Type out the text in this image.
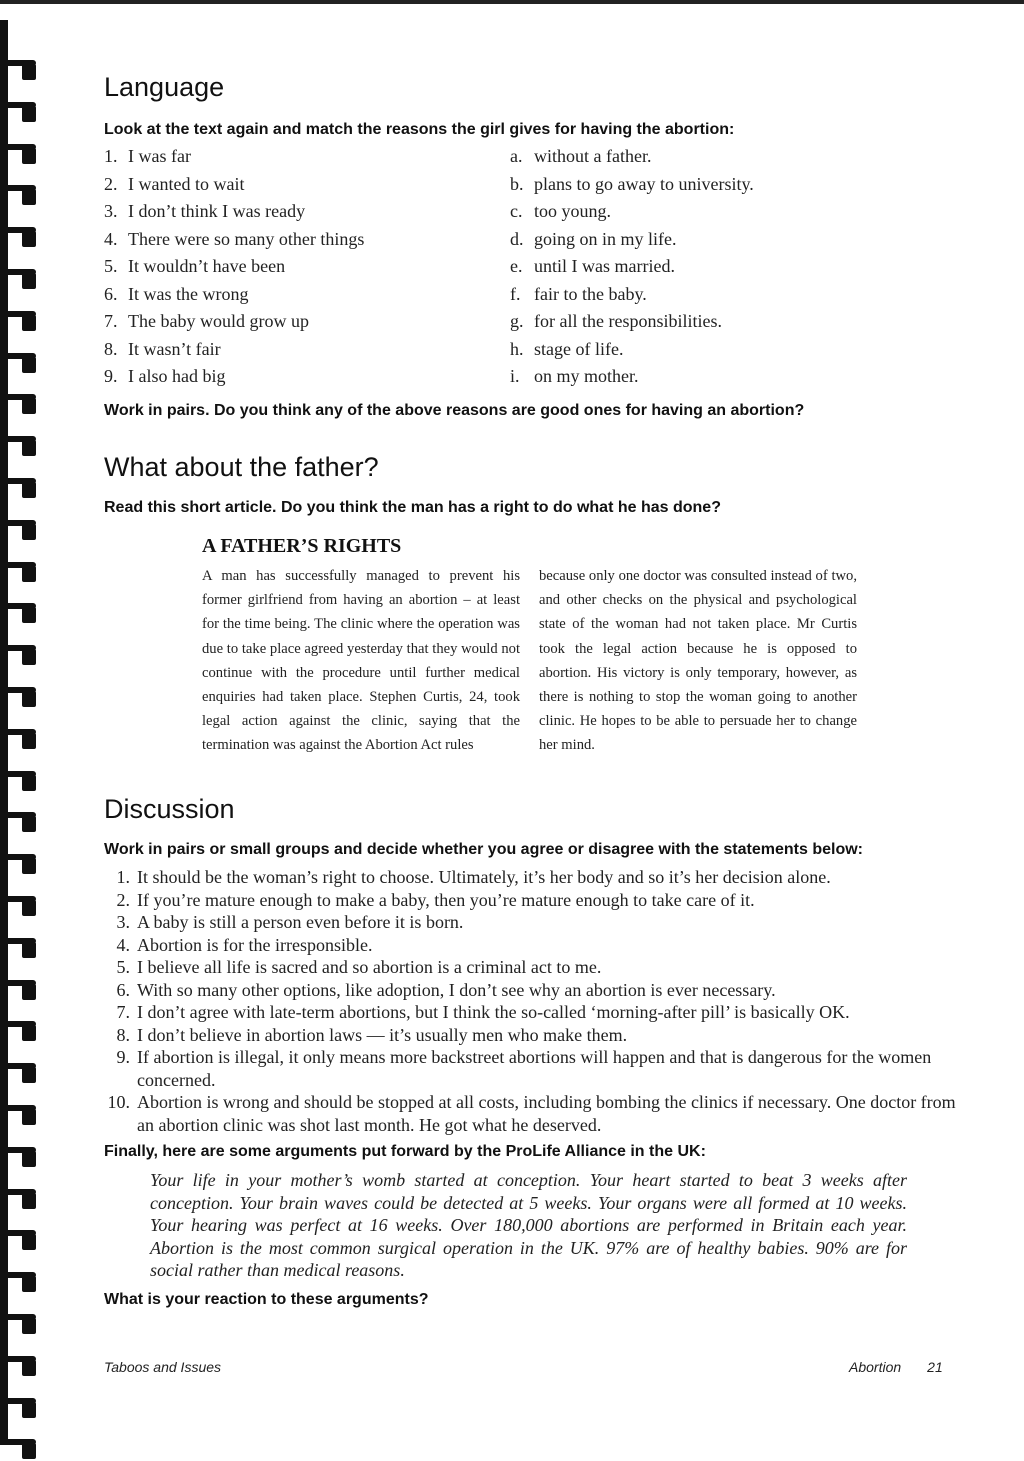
Language
Look at the text again and match the reasons the girl gives for having the abortion:
1. I was far	a. without a father.
2. I wanted to wait	b. plans to go away to university.
3. I don’t think I was ready	c. too young.
4. There were so many other things	d. going on in my life.
5. It wouldn’t have been	e. until I was married.
6. It was the wrong	f. fair to the baby.
7. The baby would grow up	g. for all the responsibilities.
8. It wasn’t fair	h. stage of life.
9. I also had big	i. on my mother.
Work in pairs. Do you think any of the above reasons are good ones for having an abortion?
What about the father?
Read this short article. Do you think the man has a right to do what he has done?
A FATHER’S RIGHTS
A man has successfully managed to prevent his former girlfriend from having an abortion – at least for the time being. The clinic where the operation was due to take place agreed yesterday that they would not continue with the procedure until further medical enquiries had taken place. Stephen Curtis, 24, took legal action against the clinic, saying that the termination was against the Abortion Act rules
because only one doctor was consulted instead of two, and other checks on the physical and psychological state of the woman had not taken place. Mr Curtis took the legal action because he is opposed to abortion. His victory is only temporary, however, as there is nothing to stop the woman going to another clinic. He hopes to be able to persuade her to change her mind.
Discussion
Work in pairs or small groups and decide whether you agree or disagree with the statements below:
1. It should be the woman’s right to choose. Ultimately, it’s her body and so it’s her decision alone.
2. If you’re mature enough to make a baby, then you’re mature enough to take care of it.
3. A baby is still a person even before it is born.
4. Abortion is for the irresponsible.
5. I believe all life is sacred and so abortion is a criminal act to me.
6. With so many other options, like adoption, I don’t see why an abortion is ever necessary.
7. I don’t agree with late-term abortions, but I think the so-called ‘morning-after pill’ is basically OK.
8. I don’t believe in abortion laws — it’s usually men who make them.
9. If abortion is illegal, it only means more backstreet abortions will happen and that is dangerous for the women concerned.
10. Abortion is wrong and should be stopped at all costs, including bombing the clinics if necessary. One doctor from an abortion clinic was shot last month. He got what he deserved.
Finally, here are some arguments put forward by the ProLife Alliance in the UK:
Your life in your mother’s womb started at conception. Your heart started to beat 3 weeks after conception. Your brain waves could be detected at 5 weeks. Your organs were all formed at 10 weeks. Your hearing was perfect at 16 weeks. Over 180,000 abortions are performed in Britain each year. Abortion is the most common surgical operation in the UK. 97% are of healthy babies. 90% are for social rather than medical reasons.
What is your reaction to these arguments?
Taboos and Issues	Abortion 21
